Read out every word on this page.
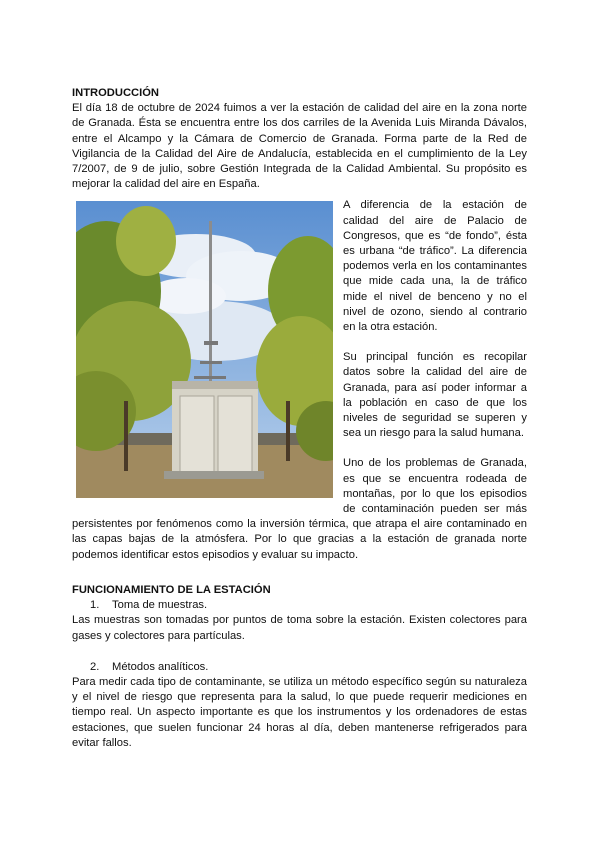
INTRODUCCIÓN

El día 18 de octubre de 2024 fuimos a ver la estación de calidad del aire en la zona norte de Granada. Ésta se encuentra entre los dos carriles de la Avenida Luis Miranda Dávalos, entre el Alcampo y la Cámara de Comercio de Granada. Forma parte de la Red de Vigilancia de la Calidad del Aire de Andalucía, establecida en el cumplimiento de la Ley 7/2007, de 9 de julio, sobre Gestión Integrada de la Calidad Ambiental. Su propósito es mejorar la calidad del aire en España.

A diferencia de la estación de calidad del aire de Palacio de Congresos, que es “de fondo”, ésta es urbana “de tráfico”. La diferencia podemos verla en los contaminantes que mide cada una, la de tráfico mide el nivel de benceno y no el nivel de ozono, siendo al contrario en la otra estación.

Su principal función es recopilar datos sobre la calidad del aire de Granada, para así poder informar a la población en caso de que los niveles de seguridad se superen y sea un riesgo para la salud humana.

Uno de los problemas de Granada, es que se encuentra rodeada de montañas, por lo que los episodios de contaminación pueden ser más persistentes por fenómenos como la inversión térmica, que atrapa el aire contaminado en las capas bajas de la atmósfera. Por lo que gracias a la estación de granada norte podemos identificar estos episodios y evaluar su impacto.

FUNCIONAMIENTO DE LA ESTACIÓN
1. Toma de muestras.

Las muestras son tomadas por puntos de toma sobre la estación. Existen colectores para gases y colectores para partículas.

2. Métodos analíticos.

Para medir cada tipo de contaminante, se utiliza un método específico según su naturaleza y el nivel de riesgo que representa para la salud, lo que puede requerir mediciones en tiempo real. Un aspecto importante es que los instrumentos y los ordenadores de estas estaciones, que suelen funcionar 24 horas al día, deben mantenerse refrigerados para evitar fallos.
